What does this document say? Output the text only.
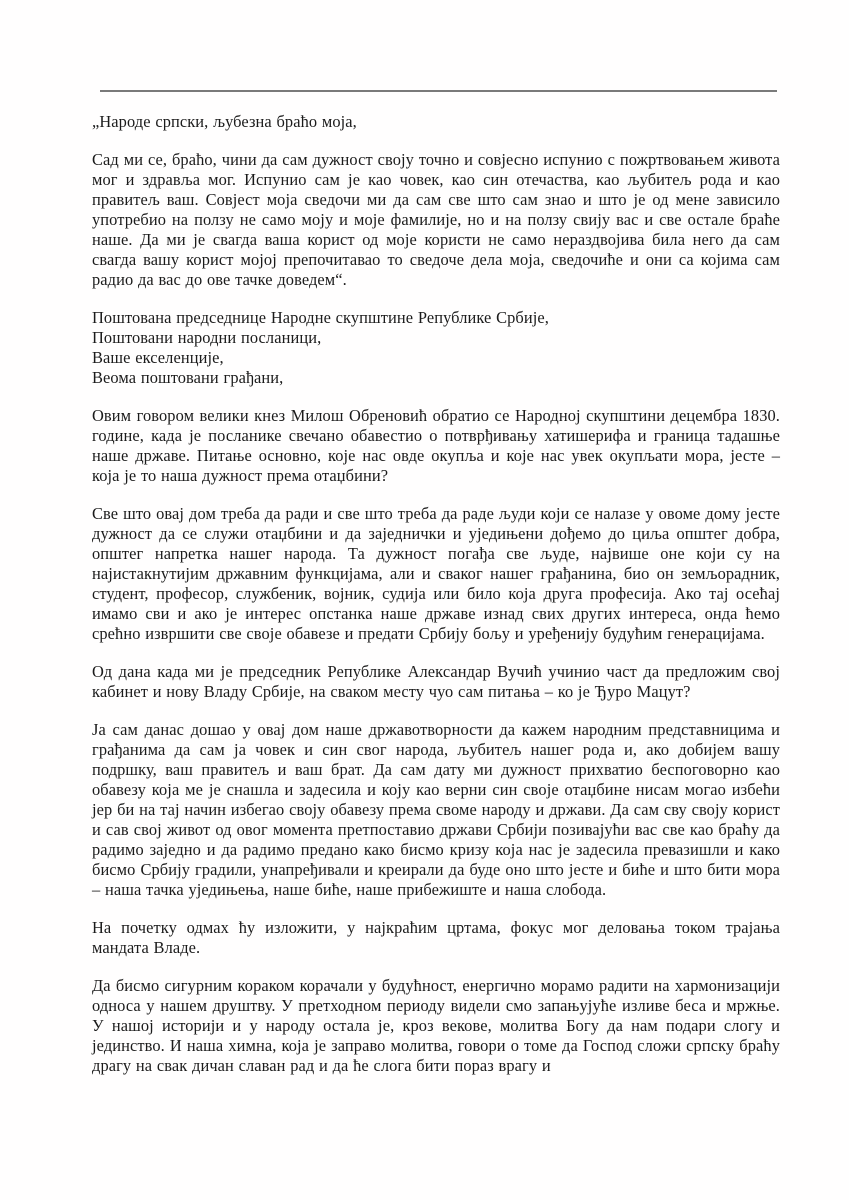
„Народе српски, љубезна браћо моја,

Сад ми се, браћо, чини да сам дужност своју точно и совјесно испунио с пожртвовањем живота мог и здравља мог. Испунио сам је као човек, као син отечаства, као љубитељ рода и као правитељ ваш. Совјест моја сведочи ми да сам све што сам знао и што је од мене зависило употребио на ползу не само моју и моје фамилије, но и на ползу свију вас и све остале браће наше. Да ми је свагда ваша корист од моје користи не само нераздвојива била него да сам свагда вашу корист мојој препочитавао то сведоче дела моја, сведочиће и они са којима сам радио да вас до ове тачке доведем“.

Поштована председнице Народне скупштине Републике Србије,
Поштовани народни посланици,
Ваше екселенције,
Веома поштовани грађани,

Овим говором велики кнез Милош Обреновић обратио се Народној скупштини децембра 1830. године, када је посланике свечано обавестио о потврђивању хатишерифа и граница тадашње наше државе. Питање основно, које нас овде окупља и које нас увек окупљати мора, јесте – која је то наша дужност према отаџбини?

Све што овај дом треба да ради и све што треба да раде људи који се налазе у овоме дому јесте дужност да се служи отаџбини и да заједнички и уједињени дођемо до циља општег добра, општег напретка нашег народа. Та дужност погађа све људе, највише оне који су на најистакнутијим државним функцијама, али и сваког нашег грађанина, био он земљорадник, студент, професор, службеник, војник, судија или било која друга професија. Ако тај осећај имамо сви и ако је интерес опстанка наше државе изнад свих других интереса, онда ћемо срећно извршити све своје обавезе и предати Србију бољу и уређенију будућим генерацијама.

Од дана када ми је председник Републике Александар Вучић учинио част да предложим свој кабинет и нову Владу Србије, на сваком месту чуо сам питања – ко је Ђуро Мацут?

Ја сам данас дошао у овај дом наше државотворности да кажем народним представницима и грађанима да сам ја човек и син свог народа, љубитељ нашег рода и, ако добијем вашу подршку, ваш правитељ и ваш брат. Да сам дату ми дужност прихватио беспоговорно као обавезу која ме је снашла и задесила и коју као верни син своје отаџбине нисам могао избећи јер би на тај начин избегао своју обавезу према своме народу и држави. Да сам сву своју корист и сав свој живот од овог момента претпоставио држави Србији позивајући вас све као браћу да радимо заједно и да радимо предано како бисмо кризу која нас је задесила превазишли и како бисмо Србију градили, унапређивали и креирали да буде оно што јесте и биће и што бити мора – наша тачка уједињења, наше биће, наше прибежиште и наша слобода.

На почетку одмах ћу изложити, у најкраћим цртама, фокус мог деловања током трајања мандата Владе.

Да бисмо сигурним кораком корачали у будућност, енергично морамо радити на хармонизацији односа у нашем друштву. У претходном периоду видели смо запањујуће изливе беса и мржње. У нашој историји и у народу остала је, кроз векове, молитва Богу да нам подари слогу и јединство. И наша химна, која је заправо молитва, говори о томе да Господ сложи српску браћу драгу на свак дичан славан рад и да ће слога бити пораз врагу и
